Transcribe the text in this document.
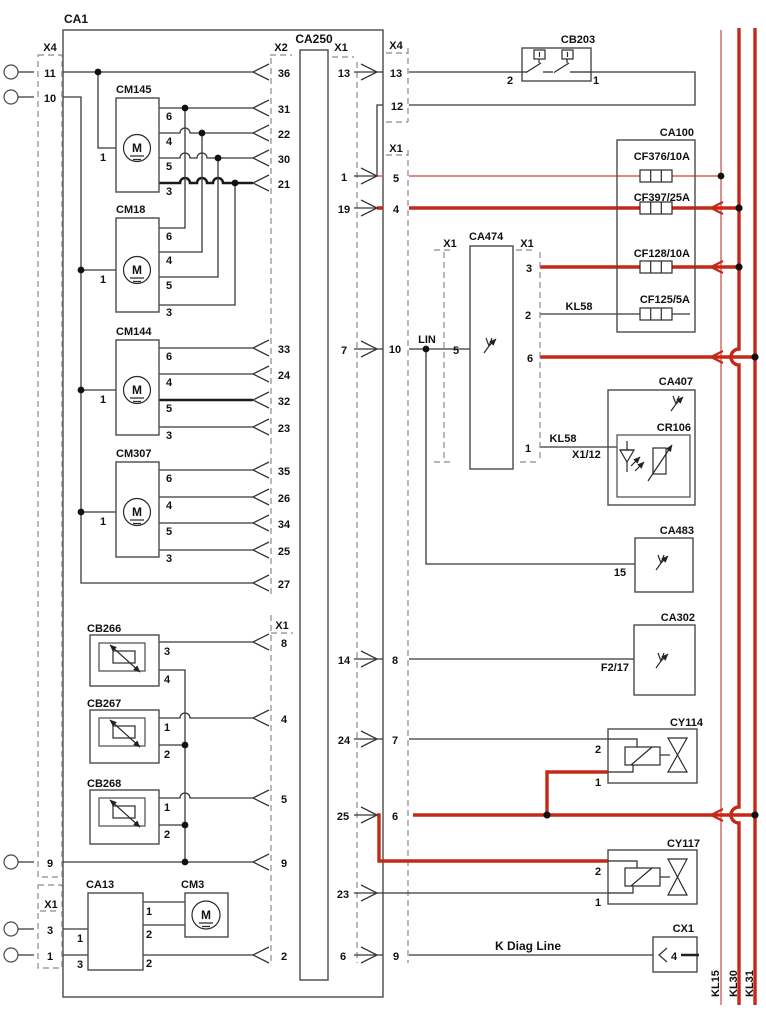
KL15 KL30 KL31
CA1
X4
11
10
9
X1
3
1
CA250
X2	X1
X1
36
31
22
30
21
33
24
32
23
35
26
34
25
27
8
4
5
9
2
13
1
19
7
14
24
25
23
6
X4
13
12
X1
5
4
10
8
7
6
9
CM145
M
1
6
4
5
3
CM18
M
1
6
4
5
3
CM144
M
1
6
4
5
3
CM307
M
1
6
4
5
3
CB266
3
4
CB267
1
2
CB268
1
2
CA13
1
3
1
2
2
CM3
M
CB203
2	1
CA100
CF376/10A
CF397/25A
CF128/10A
CF125/5A
CA474
X1	X1
5
3
2
6
1
CA407
CR106
CA483
15
CA302
CY114
2
1
CY117
2
1
CX1
4
LIN
KL58
KL58
X1/12
F2/17
K Diag Line
